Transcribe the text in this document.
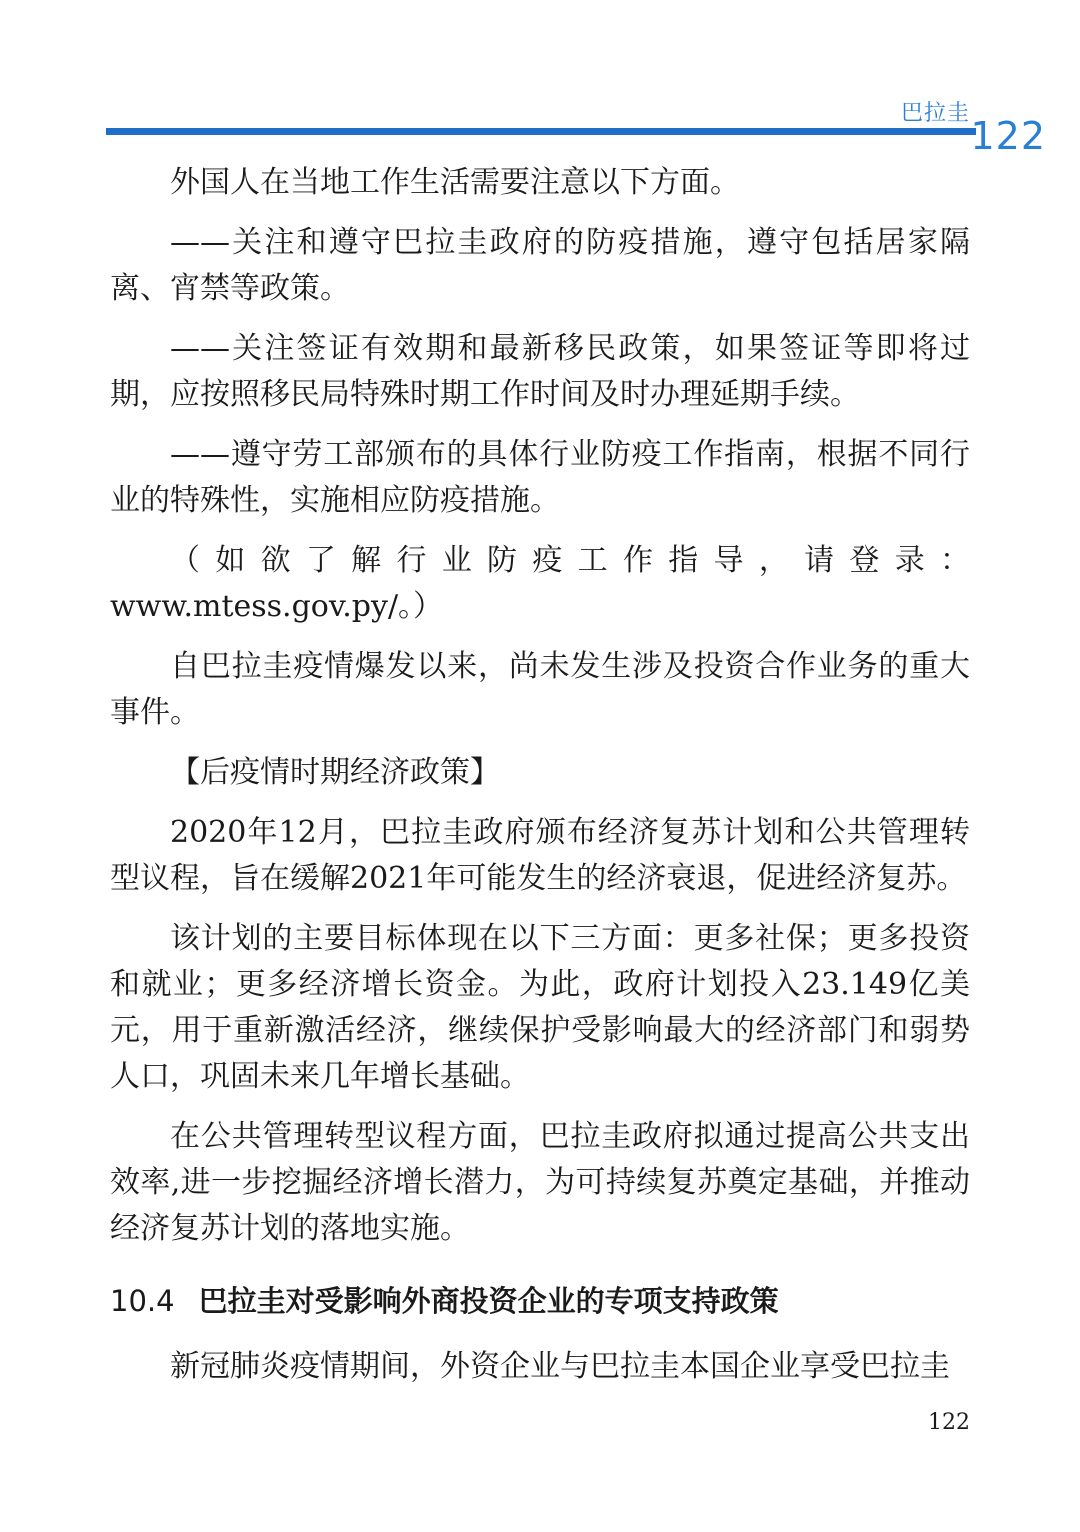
巴拉圭
122

外国人在当地工作生活需要注意以下方面。

——关注和遵守巴拉圭政府的防疫措施，遵守包括居家隔离、宵禁等政策。

——关注签证有效期和最新移民政策，如果签证等即将过期，应按照移民局特殊时期工作时间及时办理延期手续。

——遵守劳工部颁布的具体行业防疫工作指南，根据不同行业的特殊性，实施相应防疫措施。

（如欲了解行业防疫工作指导，请登录：www.mtess.gov.py/。）

自巴拉圭疫情爆发以来，尚未发生涉及投资合作业务的重大事件。

【后疫情时期经济政策】

2020年12月，巴拉圭政府颁布经济复苏计划和公共管理转型议程，旨在缓解2021年可能发生的经济衰退，促进经济复苏。

该计划的主要目标体现在以下三方面：更多社保；更多投资和就业；更多经济增长资金。为此，政府计划投入23.149亿美元，用于重新激活经济，继续保护受影响最大的经济部门和弱势人口，巩固未来几年增长基础。

在公共管理转型议程方面，巴拉圭政府拟通过提高公共支出效率,进一步挖掘经济增长潜力，为可持续复苏奠定基础，并推动经济复苏计划的落地实施。

10.4 巴拉圭对受影响外商投资企业的专项支持政策

新冠肺炎疫情期间，外资企业与巴拉圭本国企业享受巴拉圭

122
